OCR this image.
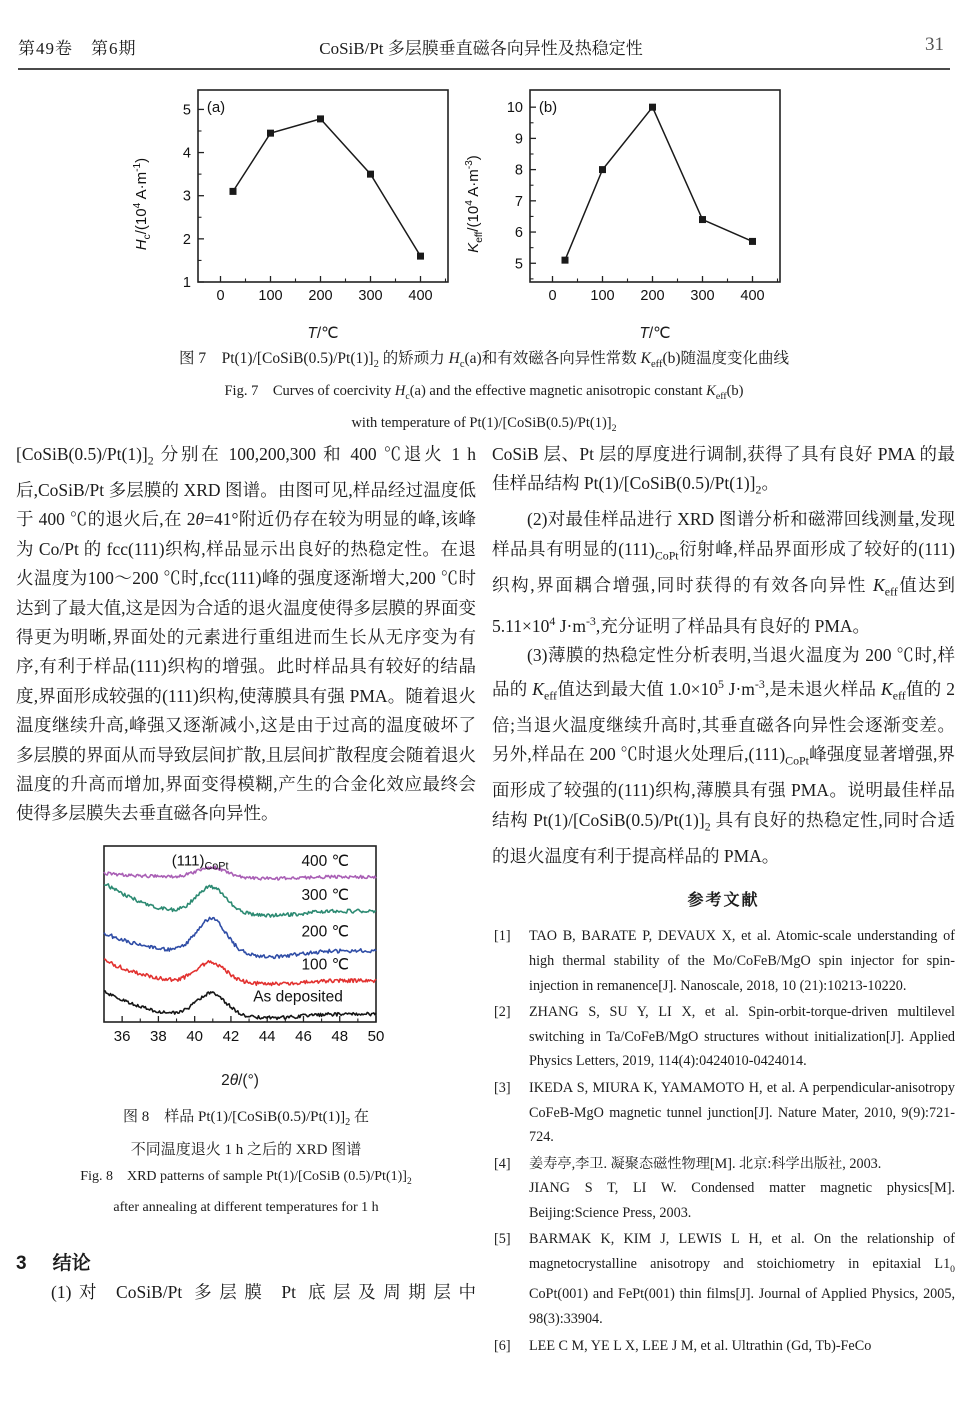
第49卷　第6期	CoSiB/Pt 多层膜垂直磁各向异性及热稳定性	31
$H_c/(10^4$ $A\cdot m^{-1}$)
0 100 200 300 400
1
2
3
4
5 (a)
T/℃
$K_{eff}/(10^4$ $A\cdot m^{-3}$)
0 100 200 300 400
5
6
7
8
9
10 (b)
T/℃
图 7　$Pt(1)/[CoSiB(0.5)/Pt(1)]_2$ 的矫顽力 $H_c(a)$和有效磁各向异性常数 $K_{eff}(b)$随温度变化曲线
Fig. 7　Curves of coercivity $H_c(a)$ and the effective magnetic anisotropic constant $K_{eff}(b)$
with temperature of $Pt(1)/[CoSiB(0.5)/Pt(1)]_2$

$[CoSiB(0.5)/Pt(1)]_2$ 分别在 100,200,300 和 400 ℃退火 1 h 后,CoSiB/Pt 多层膜的 XRD 图谱。由图可见,样品经过温度低于 400 ℃的退火后,在 2θ=41°附近仍存在较为明显的峰,该峰为 Co/Pt 的 fcc(111)织构,样品显示出良好的热稳定性。在退火温度为100～200 ℃时,fcc(111)峰的强度逐渐增大,200 ℃时达到了最大值,这是因为合适的退火温度使得多层膜的界面变得更为明晰,界面处的元素进行重组进而生长从无序变为有序,有利于样品(111)织构的增强。此时样品具有较好的结晶度,界面形成较强的(111)织构,使薄膜具有强 PMA。随着退火温度继续升高,峰强又逐渐减小,这是由于过高的温度破坏了多层膜的界面从而导致层间扩散,且层间扩散程度会随着退火温度的升高而增加,界面变得模糊,产生的合金化效应最终会使得多层膜失去垂直磁各向异性。

36 38 40 42 44 46 48 50
400 ℃
300 ℃
200 ℃
100 ℃
As deposited
$(111)_{CoPt}$
2θ/(°)
图 8　样品 $Pt(1)/[CoSiB(0.5)/Pt(1)]_2$ 在
不同温度退火 1 h 之后的 XRD 图谱
Fig. 8　XRD patterns of sample Pt(1)/[CoSiB $(0.5)/Pt(1)]_2$
after annealing at different temperatures for 1 h
3 结论

(1)对 CoSiB/Pt 多层膜 Pt 底层及周期层中

CoSiB 层、Pt 层的厚度进行调制,获得了具有良好 PMA 的最佳样品结构 $Pt(1)/[CoSiB(0.5)/Pt(1)]_2$。

(2)对最佳样品进行 XRD 图谱分析和磁滞回线测量,发现样品具有明显的$(111)_{CoPt}$衍射峰,样品界面形成了较好的(111)织构,界面耦合增强,同时获得的有效各向异性 $K_{eff}$值达到 $5.11\times 10^4$ $J\cdot m^{-3}$,充分证明了样品具有良好的 PMA。

(3)薄膜的热稳定性分析表明,当退火温度为 200 ℃时,样品的 $K_{eff}$值达到最大值 $1.0\times 10^5$ $J\cdot m^{-3}$,是未退火样品 $K_{eff}$值的 2 倍;当退火温度继续升高时,其垂直磁各向异性会逐渐变差。另外,样品在 200 ℃时退火处理后$,(111)_{CoPt}$峰强度显著增强,界面形成了较强的(111)织构,薄膜具有强 PMA。说明最佳样品结构 $Pt(1)/[CoSiB(0.5)/Pt(1)]_2$ 具有良好的热稳定性,同时合适的退火温度有利于提高样品的 PMA。

参考文献
[1] TAO B, BARATE P, DEVAUX X, et al. Atomic-scale understanding of high thermal stability of the Mo/CoFeB/MgO spin injector for spin-injection in remanence[J]. Nanoscale, 2018, 10 (21):10213-10220.
[2] ZHANG S, SU Y, LI X, et al. Spin-orbit-torque-driven multilevel switching in Ta/CoFeB/MgO structures without initialization[J]. Applied Physics Letters, 2019, 114(4):0424010-0424014.
[3] IKEDA S, MIURA K, YAMAMOTO H, et al. A perpendicular-anisotropy CoFeB-MgO magnetic tunnel junction[J]. Nature Mater, 2010, 9(9):721-724.
[4] 姜寿亭,李卫. 凝聚态磁性物理[M]. 北京:科学出版社, 2003.
JIANG S T, LI W. Condensed matter magnetic physics[M]. Beijing:Science Press, 2003.
[5] BARMAK K, KIM J, LEWIS L H, et al. On the relationship of magnetocrystalline anisotropy and stoichiometry in epitaxial $L1_0$ CoPt(001) and FePt(001) thin films[J]. Journal of Applied Physics, 2005, 98(3):33904.
[6] LEE C M, YE L X, LEE J M, et al. Ultrathin (Gd, Tb)-FeCo
